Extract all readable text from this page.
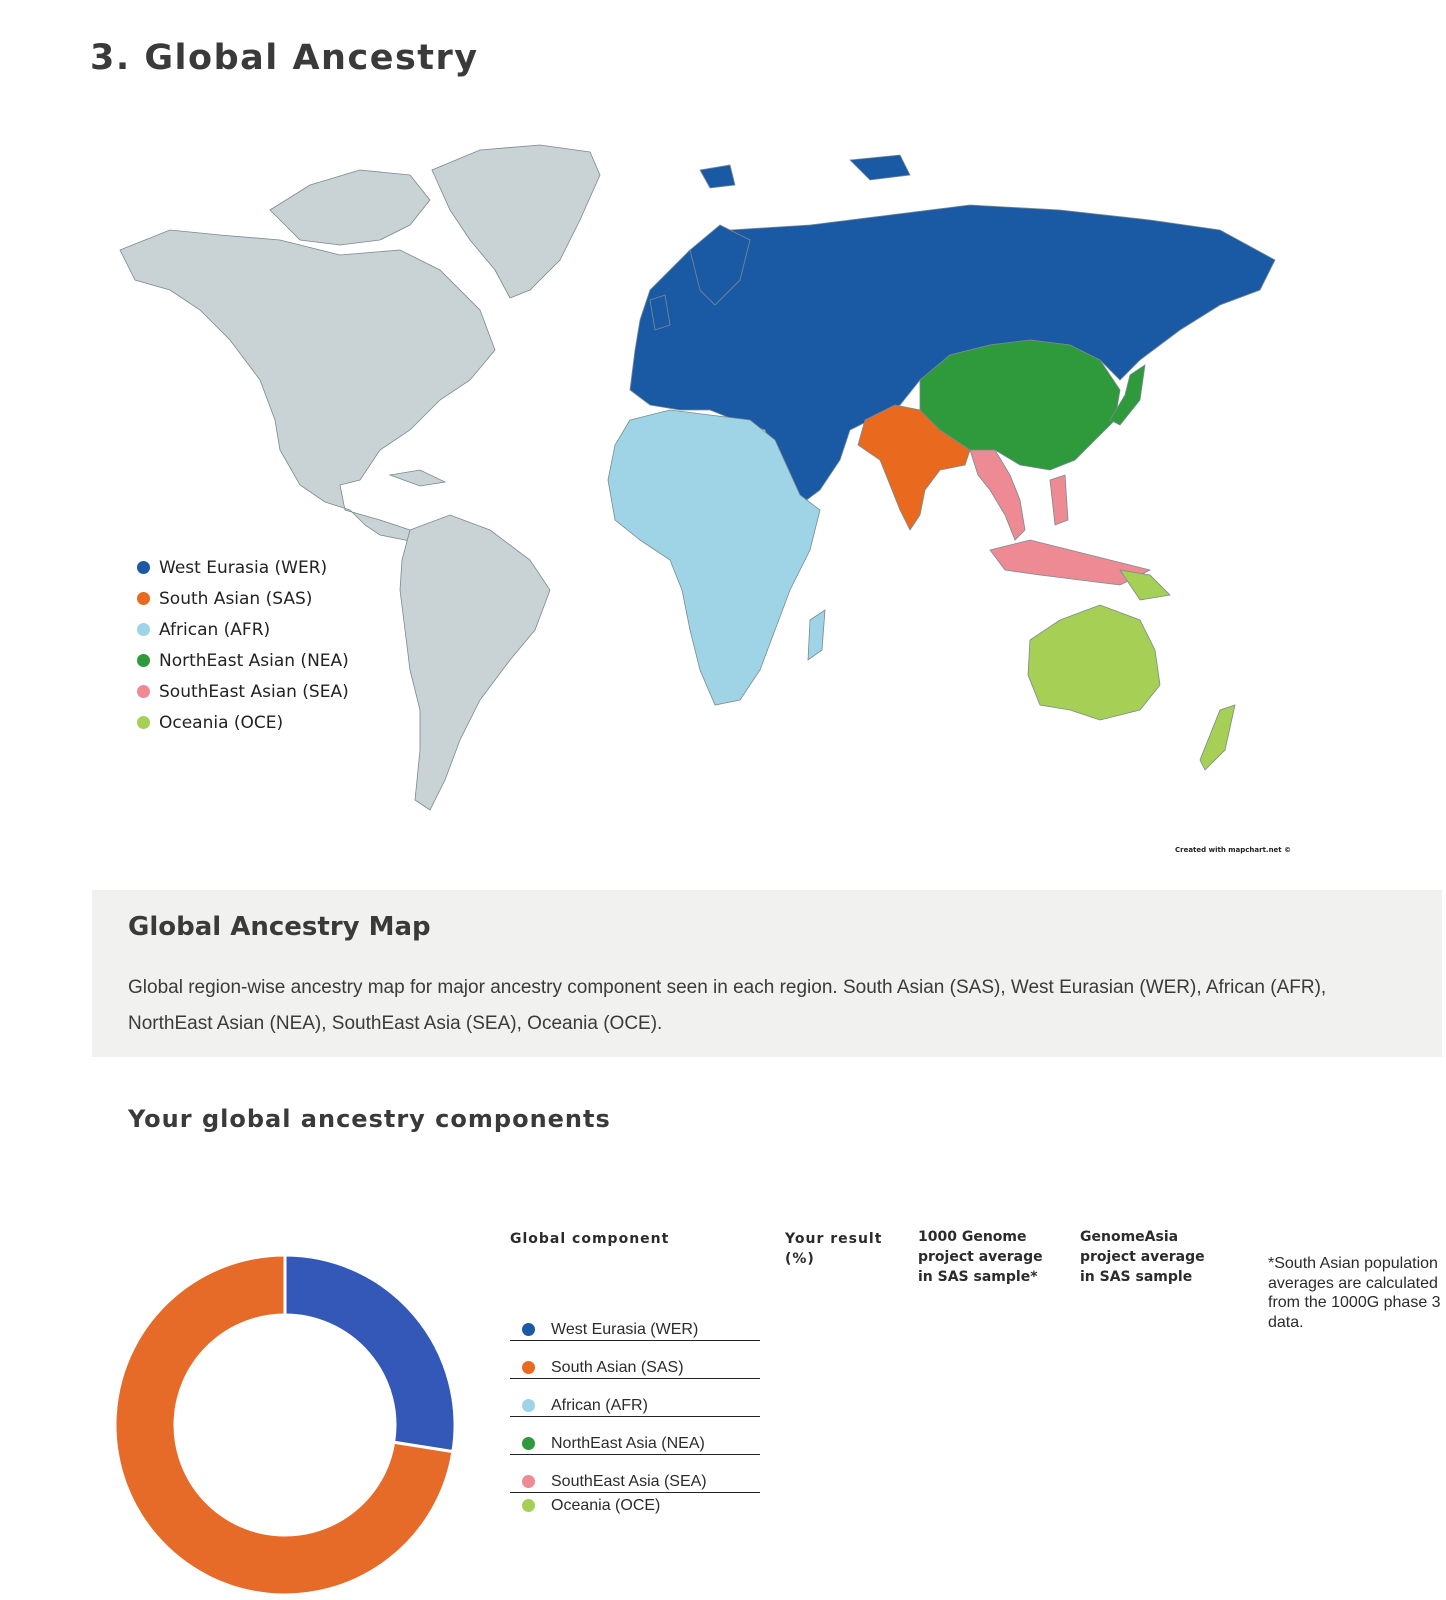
3. Global Ancestry
West Eurasia (WER)
South Asian (SAS)
African (AFR)
NorthEast Asian (NEA)
SouthEast Asian (SEA)
Oceania (OCE)
Created with mapchart.net ©
Global Ancestry Map
Global region-wise ancestry map for major ancestry component seen in each region. South Asian (SAS), West Eurasian (WER), African (AFR), NorthEast Asian (NEA), SouthEast Asia (SEA), Oceania (OCE).
Your global ancestry components
Global component	Your result (%)
1000 Genome project average in SAS sample*
GenomeAsia project average in SAS sample
*South Asian population averages are calculated from the 1000G phase 3 data.
West Eurasia (WER)
South Asian (SAS)
African (AFR)
NorthEast Asia (NEA)
SouthEast Asia (SEA)
Oceania (OCE)
